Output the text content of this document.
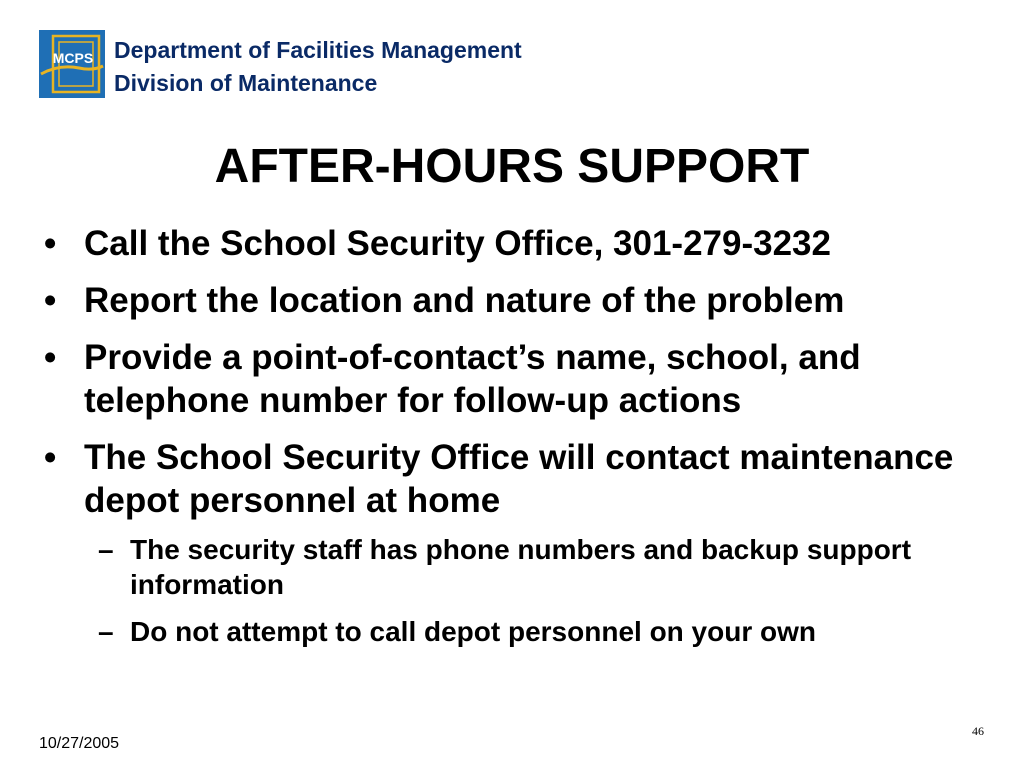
MCPS Department of Facilities Management
Division of Maintenance
AFTER-HOURS SUPPORT
• Call the School Security Office, 301-279-3232
• Report the location and nature of the problem
• Provide a point-of-contact’s name, school, and telephone number for follow-up actions
• The School Security Office will contact maintenance depot personnel at home
– The security staff has phone numbers and backup support information
– Do not attempt to call depot personnel on your own
10/27/2005
46
